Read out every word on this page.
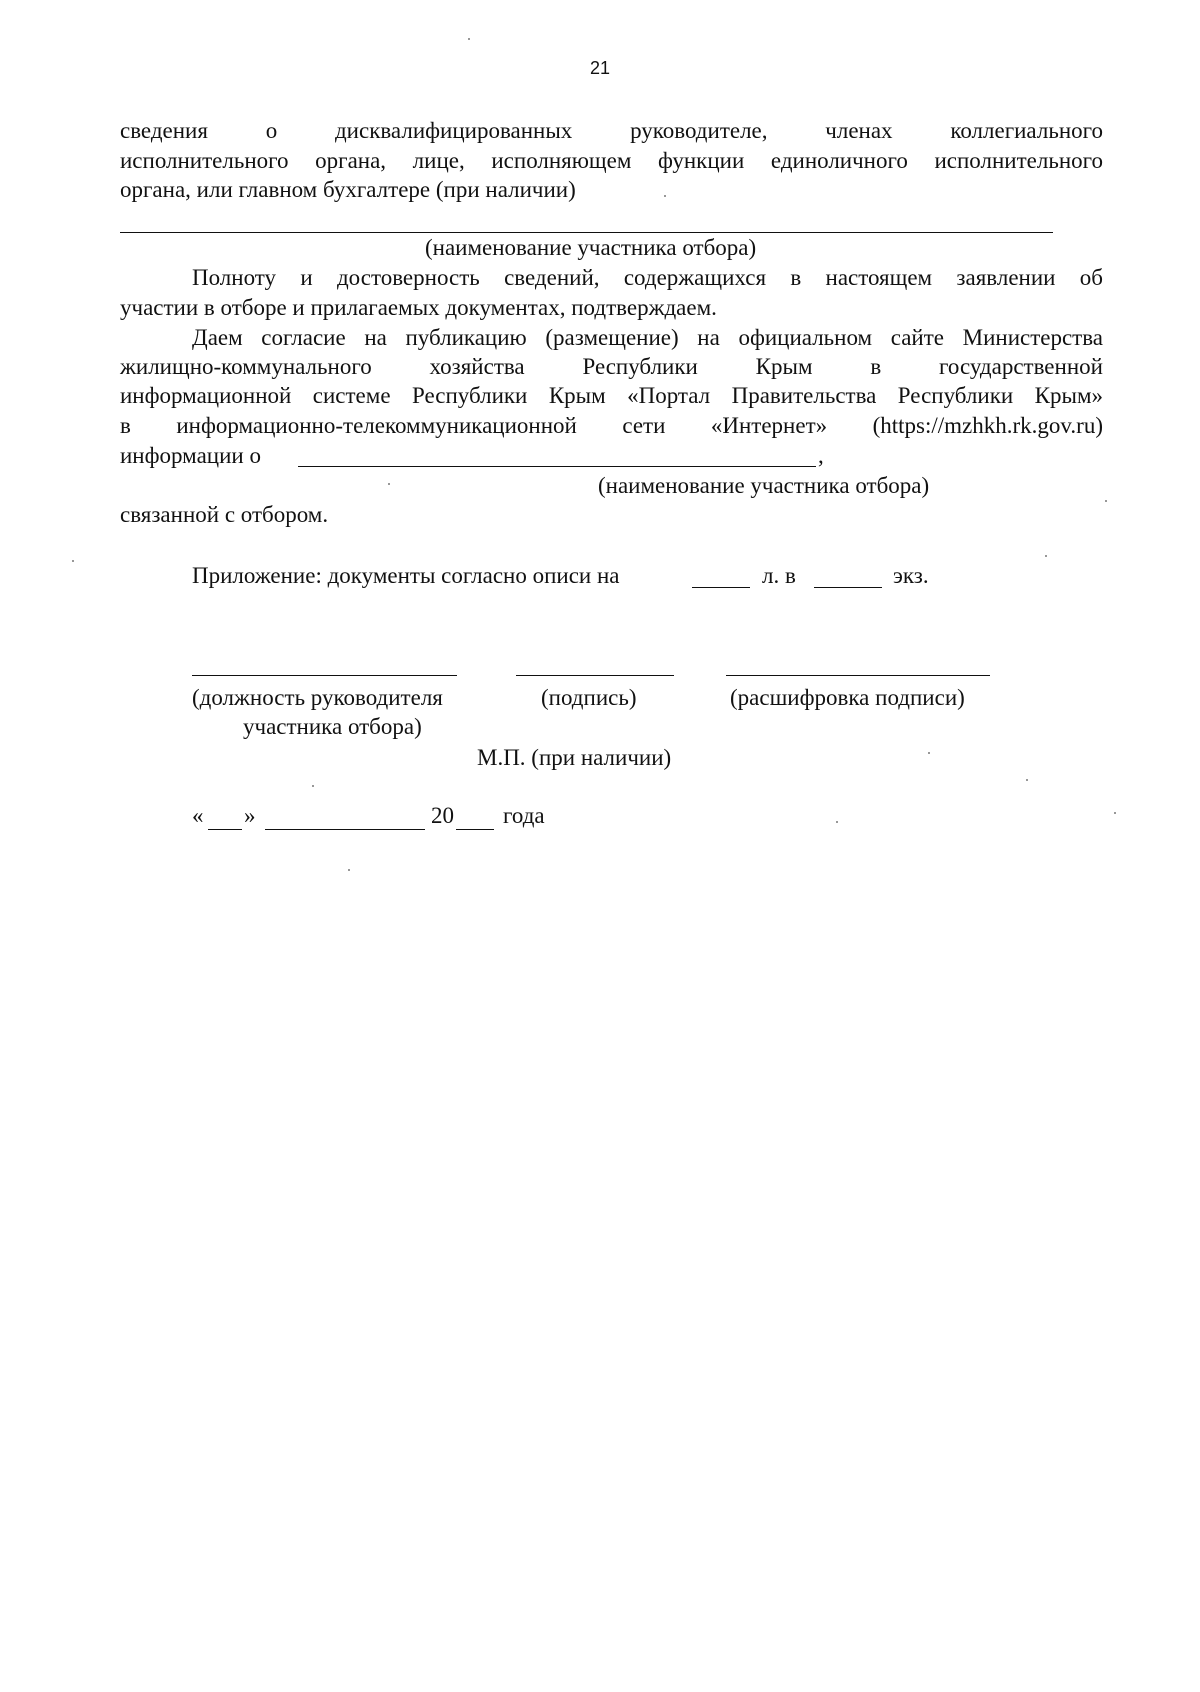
21
сведения	о	дисквалифицированных	руководителе,	членах	коллегиального
исполнительного органа, лице, исполняющем функции единоличного исполнительного
органа, или главном бухгалтере (при наличии)
(наименование участника отбора)
Полноту и достоверность сведений, содержащихся в настоящем заявлении об
участии в отборе и прилагаемых документах, подтверждаем.
Даем согласие на публикацию (размещение) на официальном сайте Министерства
жилищно-коммунального	хозяйства	Республики	Крым	в	государственной
информационной системе Республики Крым «Портал Правительства Республики Крым»
в информационно-телекоммуникационной сети «Интернет» (https://mzhkh.rk.gov.ru)
информации о	,
(наименование участника отбора)
связанной с отбором.
Приложение: документы согласно описи на	л. в	экз.
(должность руководителя
участника отбора)
(подпись)	(расшифровка подписи)
М.П. (при наличии)
« »	20 года
